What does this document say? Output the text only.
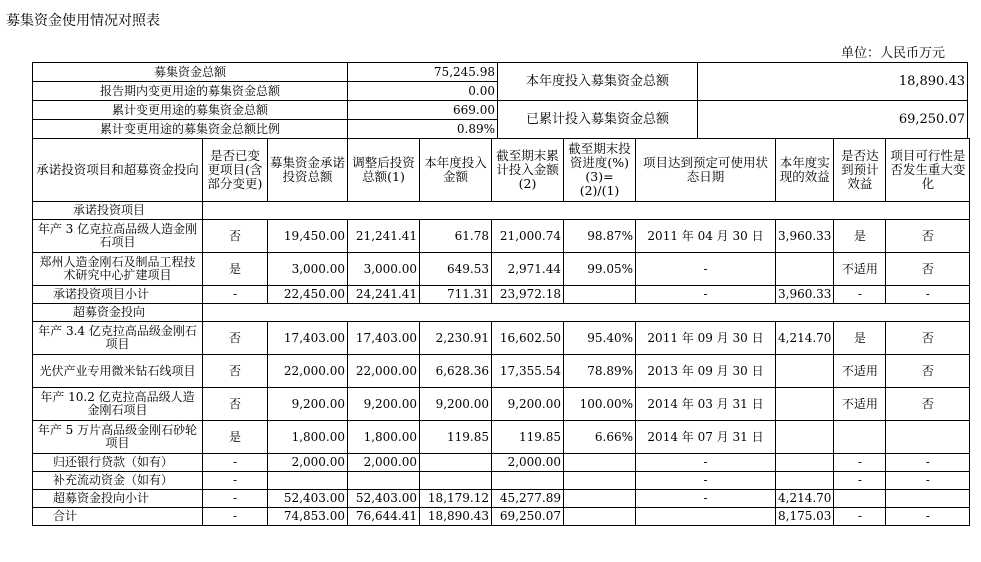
募集资金使用情况对照表
单位：人民币万元
募集资金总额	75,245.98	本年度投入募集资金总额	18,890.43
报告期内变更用途的募集资金总额	0.00		
累计变更用途的募集资金总额	669.00	已累计投入募集资金总额	69,250.07
累计变更用途的募集资金总额比例	0.89%		
承诺投资项目和超募资金投向	是否已变更项目(含部分变更)	募集资金承诺投资总额	调整后投资总额(1)	本年度投入金额	截至期末累计投入金额(2)	截至期末投资进度(%)(3)=(2)/(1)	项目达到预定可使用状态日期	本年度实现的效益	是否达到预计效益	项目可行性是否发生重大变化
承诺投资项目										
年产 3 亿克拉高品级人造金刚石项目	否	19,450.00	21,241.41	61.78	21,000.74	98.87%	2011 年 04 月 30 日	3,960.33	是	否
郑州人造金刚石及制品工程技术研究中心扩建项目	是	3,000.00	3,000.00	649.53	2,971.44	99.05%	-		不适用	否
承诺投资项目小计	-	22,450.00	24,241.41	711.31	23,972.18		-	3,960.33	-	-
超募资金投向										
年产 3.4 亿克拉高品级金刚石项目	否	17,403.00	17,403.00	2,230.91	16,602.50	95.40%	2011 年 09 月 30 日	4,214.70	是	否
光伏产业专用微米钻石线项目	否	22,000.00	22,000.00	6,628.36	17,355.54	78.89%	2013 年 09 月 30 日		不适用	否
年产 10.2 亿克拉高品级人造金刚石项目	否	9,200.00	9,200.00	9,200.00	9,200.00	100.00%	2014 年 03 月 31 日		不适用	否
年产 5 万片高品级金刚石砂轮项目	是	1,800.00	1,800.00	119.85	119.85	6.66%	2014 年 07 月 31 日			
归还银行贷款（如有）	-	2,000.00	2,000.00		2,000.00		-		-	-
补充流动资金（如有）	-						-		-	-
超募资金投向小计	-	52,403.00	52,403.00	18,179.12	45,277.89		-	4,214.70		
合计	-	74,853.00	76,644.41	18,890.43	69,250.07			8,175.03	-	-
